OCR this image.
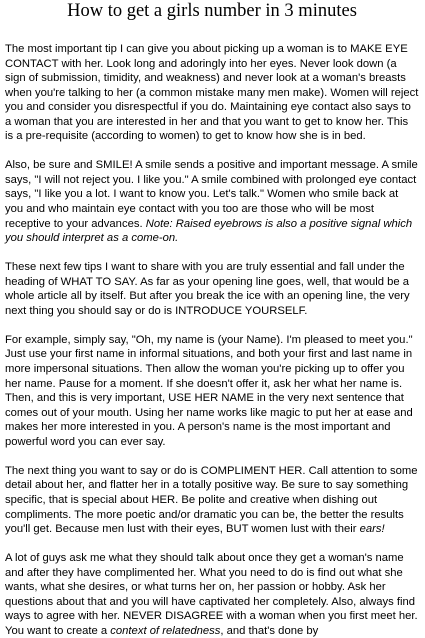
How to get a girls number in 3 minutes

The most important tip I can give you about picking up a woman is to MAKE EYE CONTACT with her. Look long and adoringly into her eyes. Never look down (a sign of submission, timidity, and weakness) and never look at a woman's breasts when you're talking to her (a common mistake many men make). Women will reject you and consider you disrespectful if you do. Maintaining eye contact also says to a woman that you are interested in her and that you want to get to know her. This is a pre-requisite (according to women) to get to know how she is in bed.

Also, be sure and SMILE! A smile sends a positive and important message. A smile says, "I will not reject you. I like you." A smile combined with prolonged eye contact says, "I like you a lot. I want to know you. Let's talk." Women who smile back at you and who maintain eye contact with you too are those who will be most receptive to your advances. Note: Raised eyebrows is also a positive signal which you should interpret as a come-on.

These next few tips I want to share with you are truly essential and fall under the heading of WHAT TO SAY. As far as your opening line goes, well, that would be a whole article all by itself. But after you break the ice with an opening line, the very next thing you should say or do is INTRODUCE YOURSELF.

For example, simply say, "Oh, my name is (your Name). I'm pleased to meet you." Just use your first name in informal situations, and both your first and last name in more impersonal situations. Then allow the woman you're picking up to offer you her name. Pause for a moment. If she doesn't offer it, ask her what her name is. Then, and this is very important, USE HER NAME in the very next sentence that comes out of your mouth. Using her name works like magic to put her at ease and makes her more interested in you. A person's name is the most important and powerful word you can ever say.

The next thing you want to say or do is COMPLIMENT HER. Call attention to some detail about her, and flatter her in a totally positive way. Be sure to say something specific, that is special about HER. Be polite and creative when dishing out compliments. The more poetic and/or dramatic you can be, the better the results you'll get. Because men lust with their eyes, BUT women lust with their ears!

A lot of guys ask me what they should talk about once they get a woman's name and after they have complimented her. What you need to do is find out what she wants, what she desires, or what turns her on, her passion or hobby. Ask her questions about that and you will have captivated her completely. Also, always find ways to agree with her. NEVER DISAGREE with a woman when you first meet her. You want to create a context of relatedness, and that's done by
